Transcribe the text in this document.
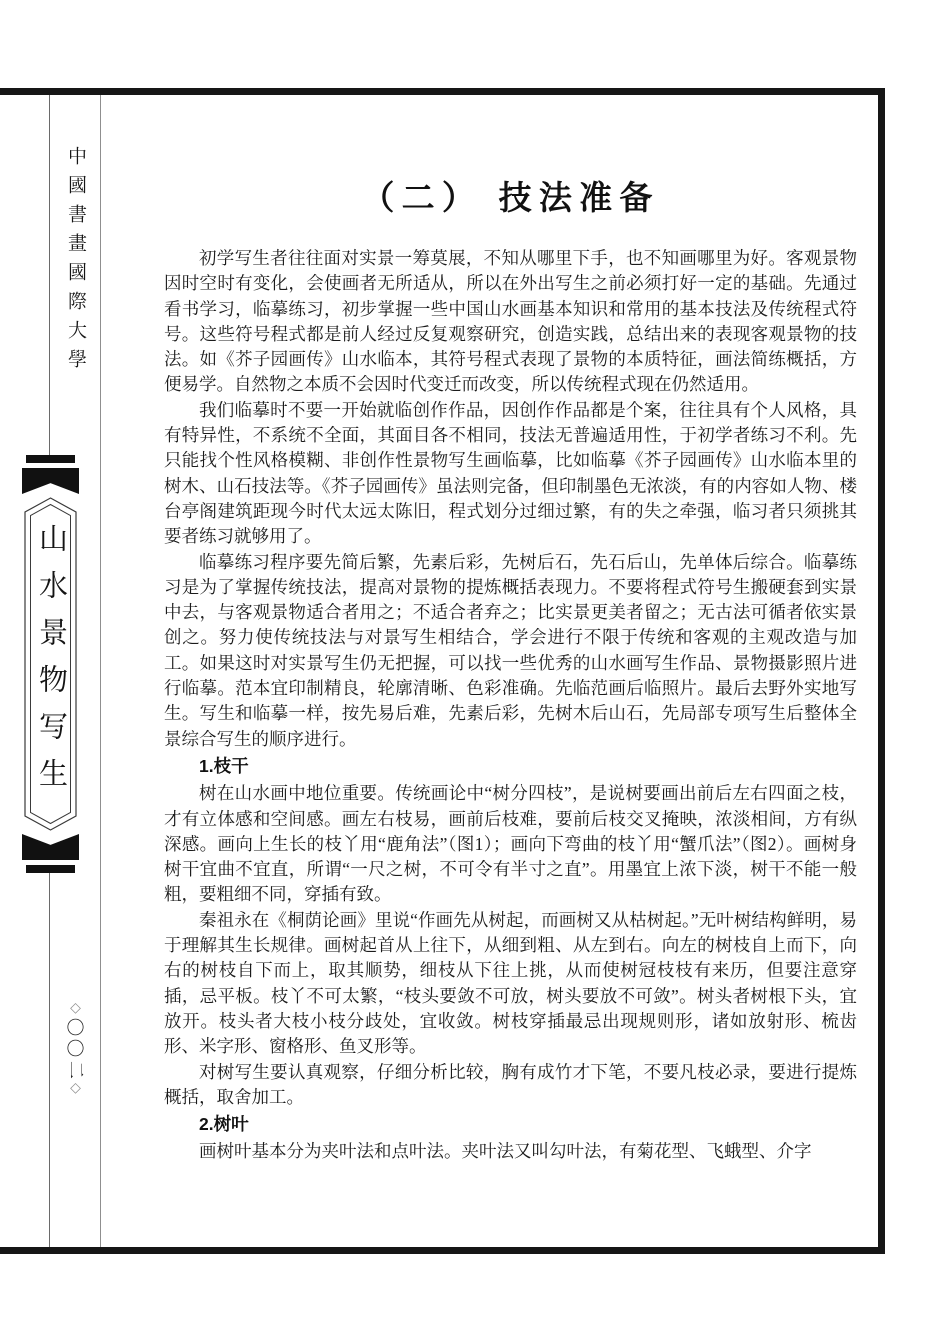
中國書畫國際大學
山水景物写生
◇
〇
〇
二
◇
（二） 技法准备

初学写生者往往面对实景一筹莫展，不知从哪里下手，也不知画哪里为好。客观景物因时空时有变化，会使画者无所适从，所以在外出写生之前必须打好一定的基础。先通过看书学习，临摹练习，初步掌握一些中国山水画基本知识和常用的基本技法及传统程式符号。这些符号程式都是前人经过反复观察研究，创造实践，总结出来的表现客观景物的技法。如《芥子园画传》山水临本，其符号程式表现了景物的本质特征，画法简练概括，方便易学。自然物之本质不会因时代变迁而改变，所以传统程式现在仍然适用。

我们临摹时不要一开始就临创作作品，因创作作品都是个案，往往具有个人风格，具有特异性，不系统不全面，其面目各不相同，技法无普遍适用性，于初学者练习不利。先只能找个性风格模糊、非创作性景物写生画临摹，比如临摹《芥子园画传》山水临本里的树木、山石技法等。《芥子园画传》虽法则完备，但印制墨色无浓淡，有的内容如人物、楼台亭阁建筑距现今时代太远太陈旧，程式划分过细过繁，有的失之牵强，临习者只须挑其要者练习就够用了。

临摹练习程序要先简后繁，先素后彩，先树后石，先石后山，先单体后综合。临摹练习是为了掌握传统技法，提高对景物的提炼概括表现力。不要将程式符号生搬硬套到实景中去，与客观景物适合者用之；不适合者弃之；比实景更美者留之；无古法可循者依实景创之。努力使传统技法与对景写生相结合，学会进行不限于传统和客观的主观改造与加工。如果这时对实景写生仍无把握，可以找一些优秀的山水画写生作品、景物摄影照片进行临摹。范本宜印制精良，轮廓清晰、色彩准确。先临范画后临照片。最后去野外实地写生。写生和临摹一样，按先易后难，先素后彩，先树木后山石，先局部专项写生后整体全景综合写生的顺序进行。

1.枝干

树在山水画中地位重要。传统画论中“树分四枝”，是说树要画出前后左右四面之枝，才有立体感和空间感。画左右枝易，画前后枝难，要前后枝交叉掩映，浓淡相间，方有纵深感。画向上生长的枝丫用“鹿角法”（图1）；画向下弯曲的枝丫用“蟹爪法”（图2）。画树身树干宜曲不宜直，所谓“一尺之树，不可令有半寸之直”。用墨宜上浓下淡，树干不能一般粗，要粗细不同，穿插有致。

秦祖永在《桐荫论画》里说“作画先从树起，而画树又从枯树起。”无叶树结构鲜明，易于理解其生长规律。画树起首从上往下，从细到粗、从左到右。向左的树枝自上而下，向右的树枝自下而上，取其顺势，细枝从下往上挑，从而使树冠枝枝有来历，但要注意穿插，忌平板。枝丫不可太繁，“枝头要敛不可放，树头要放不可敛”。树头者树根下头，宜放开。枝头者大枝小枝分歧处，宜收敛。树枝穿插最忌出现规则形，诸如放射形、梳齿形、米字形、窗格形、鱼叉形等。

对树写生要认真观察，仔细分析比较，胸有成竹才下笔，不要凡枝必录，要进行提炼概括，取舍加工。

2.树叶

画树叶基本分为夹叶法和点叶法。夹叶法又叫勾叶法，有菊花型、飞蛾型、介字
